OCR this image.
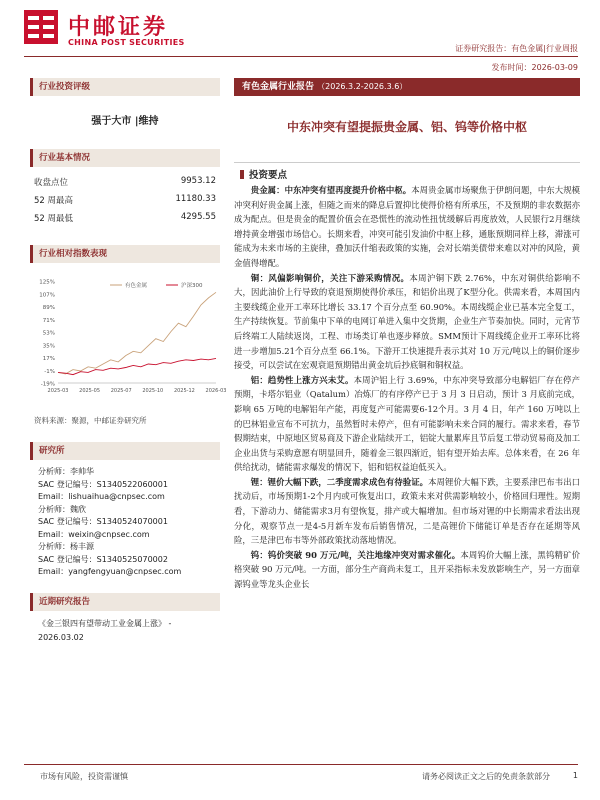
中邮证券
CHINA POST SECURITIES
证券研究报告：有色金属|行业周报
发布时间：2026-03-09
行业投资评级
强于大市 |维持
行业基本情况
收盘点位	9953.12
52 周最高	11180.33
52 周最低	4295.55
行业相对指数表现
-19%
-1%
17%
35%
53%
71%
89%
107%
125%
2025-03 2025-05 2025-07 2025-10 2025-12 2026-03
有色金属	沪深300
资料来源：聚源，中邮证券研究所
研究所
分析师：李帅华
SAC 登记编号：S1340522060001
Email：lishuaihua@cnpsec.com
分析师：魏欣
SAC 登记编号：S1340524070001
Email：weixin@cnpsec.com
分析师：杨丰源
SAC 登记编号：S1340525070002
Email：yangfengyuan@cnpsec.com
近期研究报告
《金三银四有望带动工业金属上涨》 -
2026.03.02
有色金属行业报告 （2026.3.2-2026.3.6）
中东冲突有望提振贵金属、铝、钨等价格中枢
投资要点

贵金属：中东冲突有望再度提升价格中枢。本周贵金属市场聚焦于伊朗问题，中东大规模冲突利好贵金属上涨，但随之而来的降息后置抑比使得价格有所承压，不及预期的非农数据亦成为配点。但是贵金的配置价值会在恐慌性的流动性扭忧缓解后再度放效，人民银行2月继续增持黄金增强市场信心。长期来看，冲突可能引发油价中枢上移，通胀预期同样上移，滞涨可能成为未来市场的主旋律，叠加沃什缩表政策的实施，会对长端美债带来难以对冲的风险，黄金值得增配。

铜：风偏影响铜价，关注下游采购情况。本周沪铜下跌 2.76%，中东对铜供给影响不大，因此油价上行导致的衰退预期使得价承压，和铝价出现了K型分化。供需来看，本周国内主要线缆企业开工率环比增长 33.17 个百分点至 60.90%。本周线缆企业已基本完全复工，生产持续恢复。节前集中下单的电网订单进入集中交货期，企业生产节奏加快。同时，元宵节后终端工人陆续返岗，工程、市场类订单也逐步释放。SMM预计下周线缆企业开工率环比将进一步增加5.21个百分点至 66.1%。下游开工快速提升表示其对 10 万元/吨以上的铜价逐步接受，可以尝试在宏观衰退预期错出黄金坑后抄底铜和铜权益。

铝：趋势性上涨方兴未艾。本周沪铝上行 3.69%，中东冲突导致部分电解铝厂存在停产预期，卡塔尔铝业（Qatalum）冶炼厂的有序停产已于 3 月 3 日启动，预计 3 月底前完成，影响 65 万吨的电解铝年产能，再度复产可能需要6-12个月。3 月 4 日，年产 160 万吨以上的巴林铝业宣布不可抗力，虽然暂时未停产，但有可能影响未来合同的履行。需求来看，春节假期结束，中原地区贸易商及下游企业陆续开工，铝锭大量累库且节后复工带动贸易商及加工企业出货与采购意愿有明显回升，随着金三银四渐近，铝有望开始去库。总体来看，在 26 年供给扰动，储能需求爆发的情况下，铝和铝权益迫低买入。

锂：锂价大幅下跌，二季度需求成色有待验证。本周锂价大幅下跌，主要系津巴布韦出口扰动后，市场预期1-2个月内或可恢复出口，政策未来对供需影响较小，价格回归理性。短期看，下游动力、储能需求3月有望恢复，排产或大幅增加。但市场对锂的中长期需求看法出现分化，观察节点一是4-5月新车发布后销售情况，二是高锂价下储能订单是否存在延期等风险，三是津巴布韦等外部政策扰动落地情况。

钨：钨价突破 90 万元/吨，关注地缘冲突对需求催化。本周钨价大幅上涨，黑钨精矿价格突破 90 万元/吨。一方面，部分生产商尚未复工，且开采指标未发放影响生产，另一方面章源钨业等龙头企业长

市场有风险，投资需谨慎	请务必阅读正文之后的免责条款部分	1
